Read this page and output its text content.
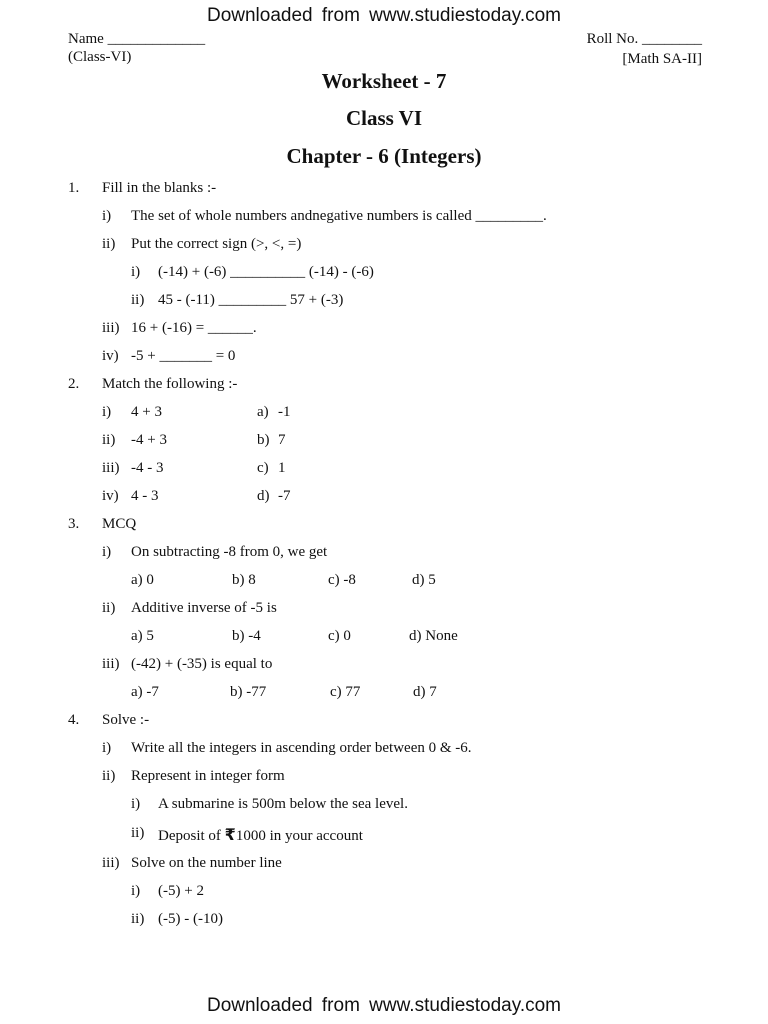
Downloaded from www.studiestoday.com
Name _____________
(Class-VI)
Roll No. ________
[Math SA-II]
Worksheet - 7
Class VI
Chapter - 6 (Integers)
1. Fill in the blanks :-
i) The set of whole numbers andnegative numbers is called _________.
ii) Put the correct sign (>, <, =)
i) (-14) + (-6) __________ (-14) - (-6)
ii) 45 - (-11) _________ 57 + (-3)
iii) 16 + (-16) = ______.
iv) -5 + _______ = 0
2. Match the following :-
i) 4 + 3	a) -1
ii) -4 + 3	b) 7
iii) -4 - 3	c) 1
iv) 4 - 3	d) -7
3. MCQ
i) On subtracting -8 from 0, we get
a) 0	b) 8	c) -8	d) 5
ii) Additive inverse of -5 is
a) 5	b) -4	c) 0	d) None
iii) (-42) + (-35) is equal to
a) -7	b) -77	c) 77	d) 7
4. Solve :-
i) Write all the integers in ascending order between 0 & -6.
ii) Represent in integer form
i) A submarine is 500m below the sea level.
ii) Deposit of ₹1000 in your account
iii) Solve on the number line
i) (-5) + 2
ii) (-5) - (-10)
Downloaded from www.studiestoday.com
